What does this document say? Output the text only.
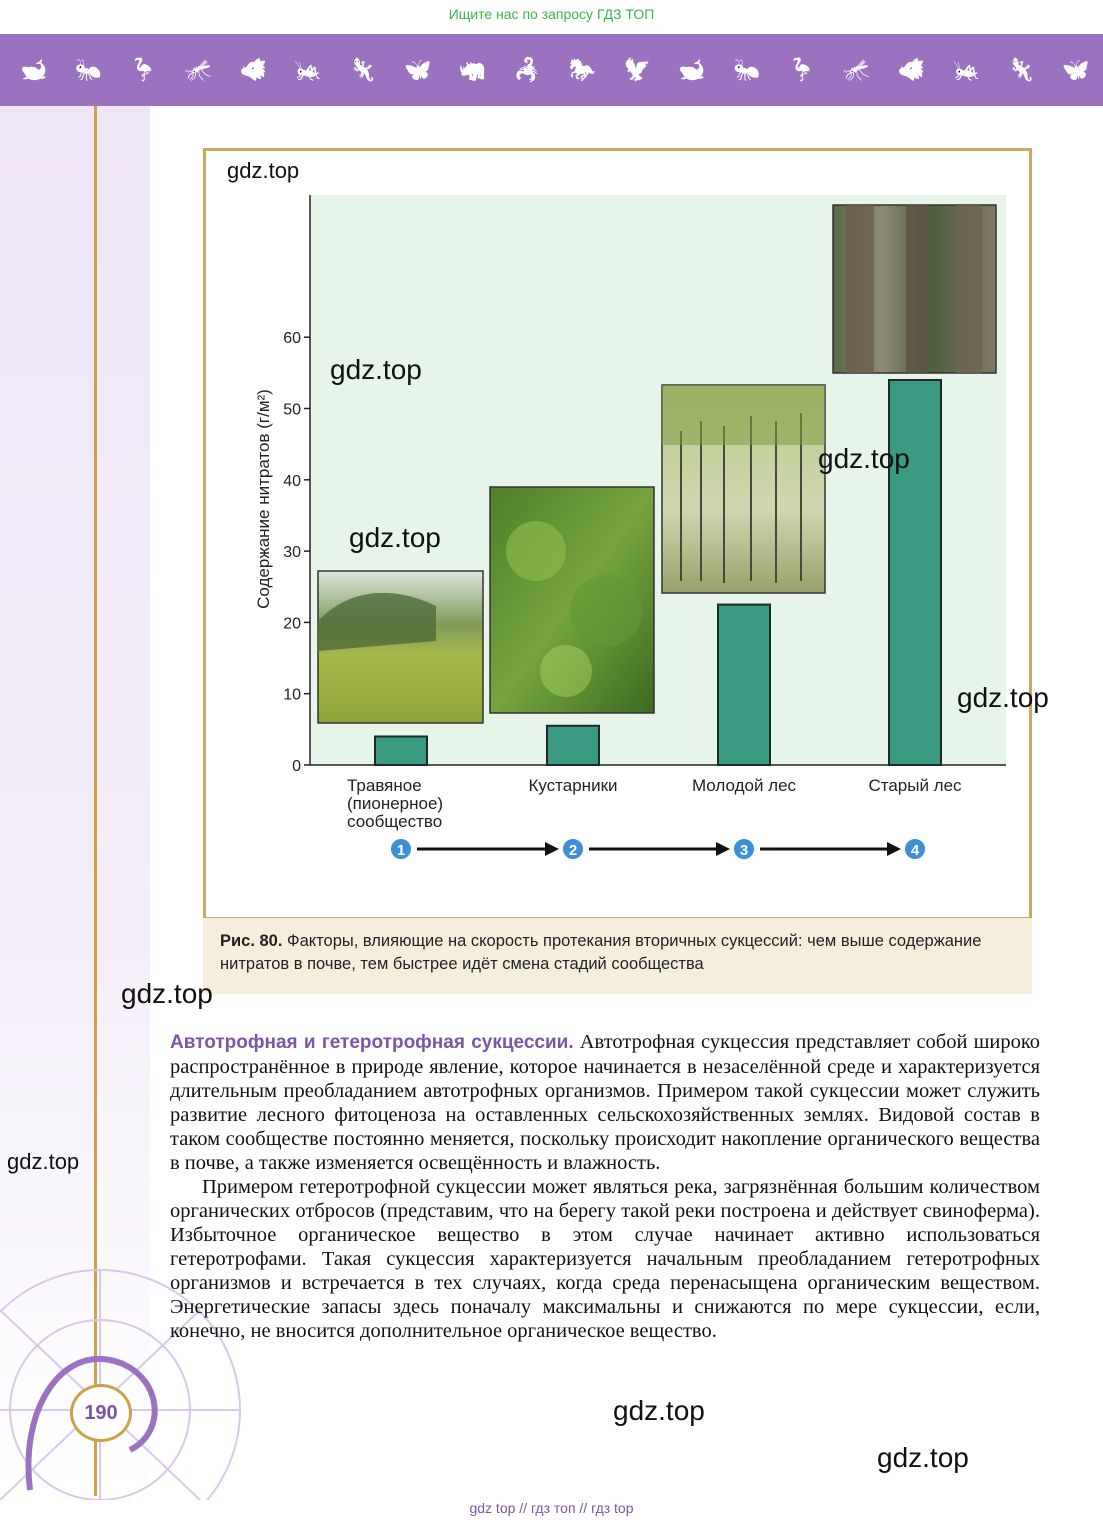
Ищите нас по запросу ГДЗ ТОП
🐋 🐜 🦩 🦟 🐗 🦗 🦎 🦋 🦏 🦂 🐎 🦅 🐋 🐜 🦩 🦟 🐗 🦗 🦎 🦋
0
10
20
30
40
50
60
Содержание нитратов (г/м²)
Травяное (пионерное) сообщество
Кустарники	Молодой лес	Старый лес
1	2	3	4
Рис. 80. Факторы, влияющие на скорость протекания вторичных сукцессий: чем выше содержание нитратов в почве, тем быстрее идёт смена стадий сообщества
gdz.top
gdz.top
gdz.top
gdz.top
gdz.top
gdz.top
gdz.top
gdz.top
gdz.top

Автотрофная и гетеротрофная сукцессии. Автотрофная сукцессия представляет собой широко распространённое в природе явление, которое начинается в незаселённой среде и характеризуется длительным преобладанием автотрофных организмов. Примером такой сукцессии может служить развитие лесного фитоценоза на оставленных сельскохозяйственных землях. Видовой состав в таком сообществе постоянно меняется, поскольку происходит накопление органического вещества в почве, а также изменяется освещённость и влажность.

Примером гетеротрофной сукцессии может являться река, загрязнённая большим количеством органических отбросов (представим, что на берегу такой реки построена и действует свиноферма). Избыточное органическое вещество в этом случае начинает активно использоваться гетеротрофами. Такая сукцессия характеризуется начальным преобладанием гетеротрофных организмов и встречается в тех случаях, когда среда перенасыщена органическим веществом. Энергетические запасы здесь поначалу максимальны и снижаются по мере сукцессии, если, конечно, не вносится дополнительное органическое вещество.

190
gdz top // гдз топ // гдз top
